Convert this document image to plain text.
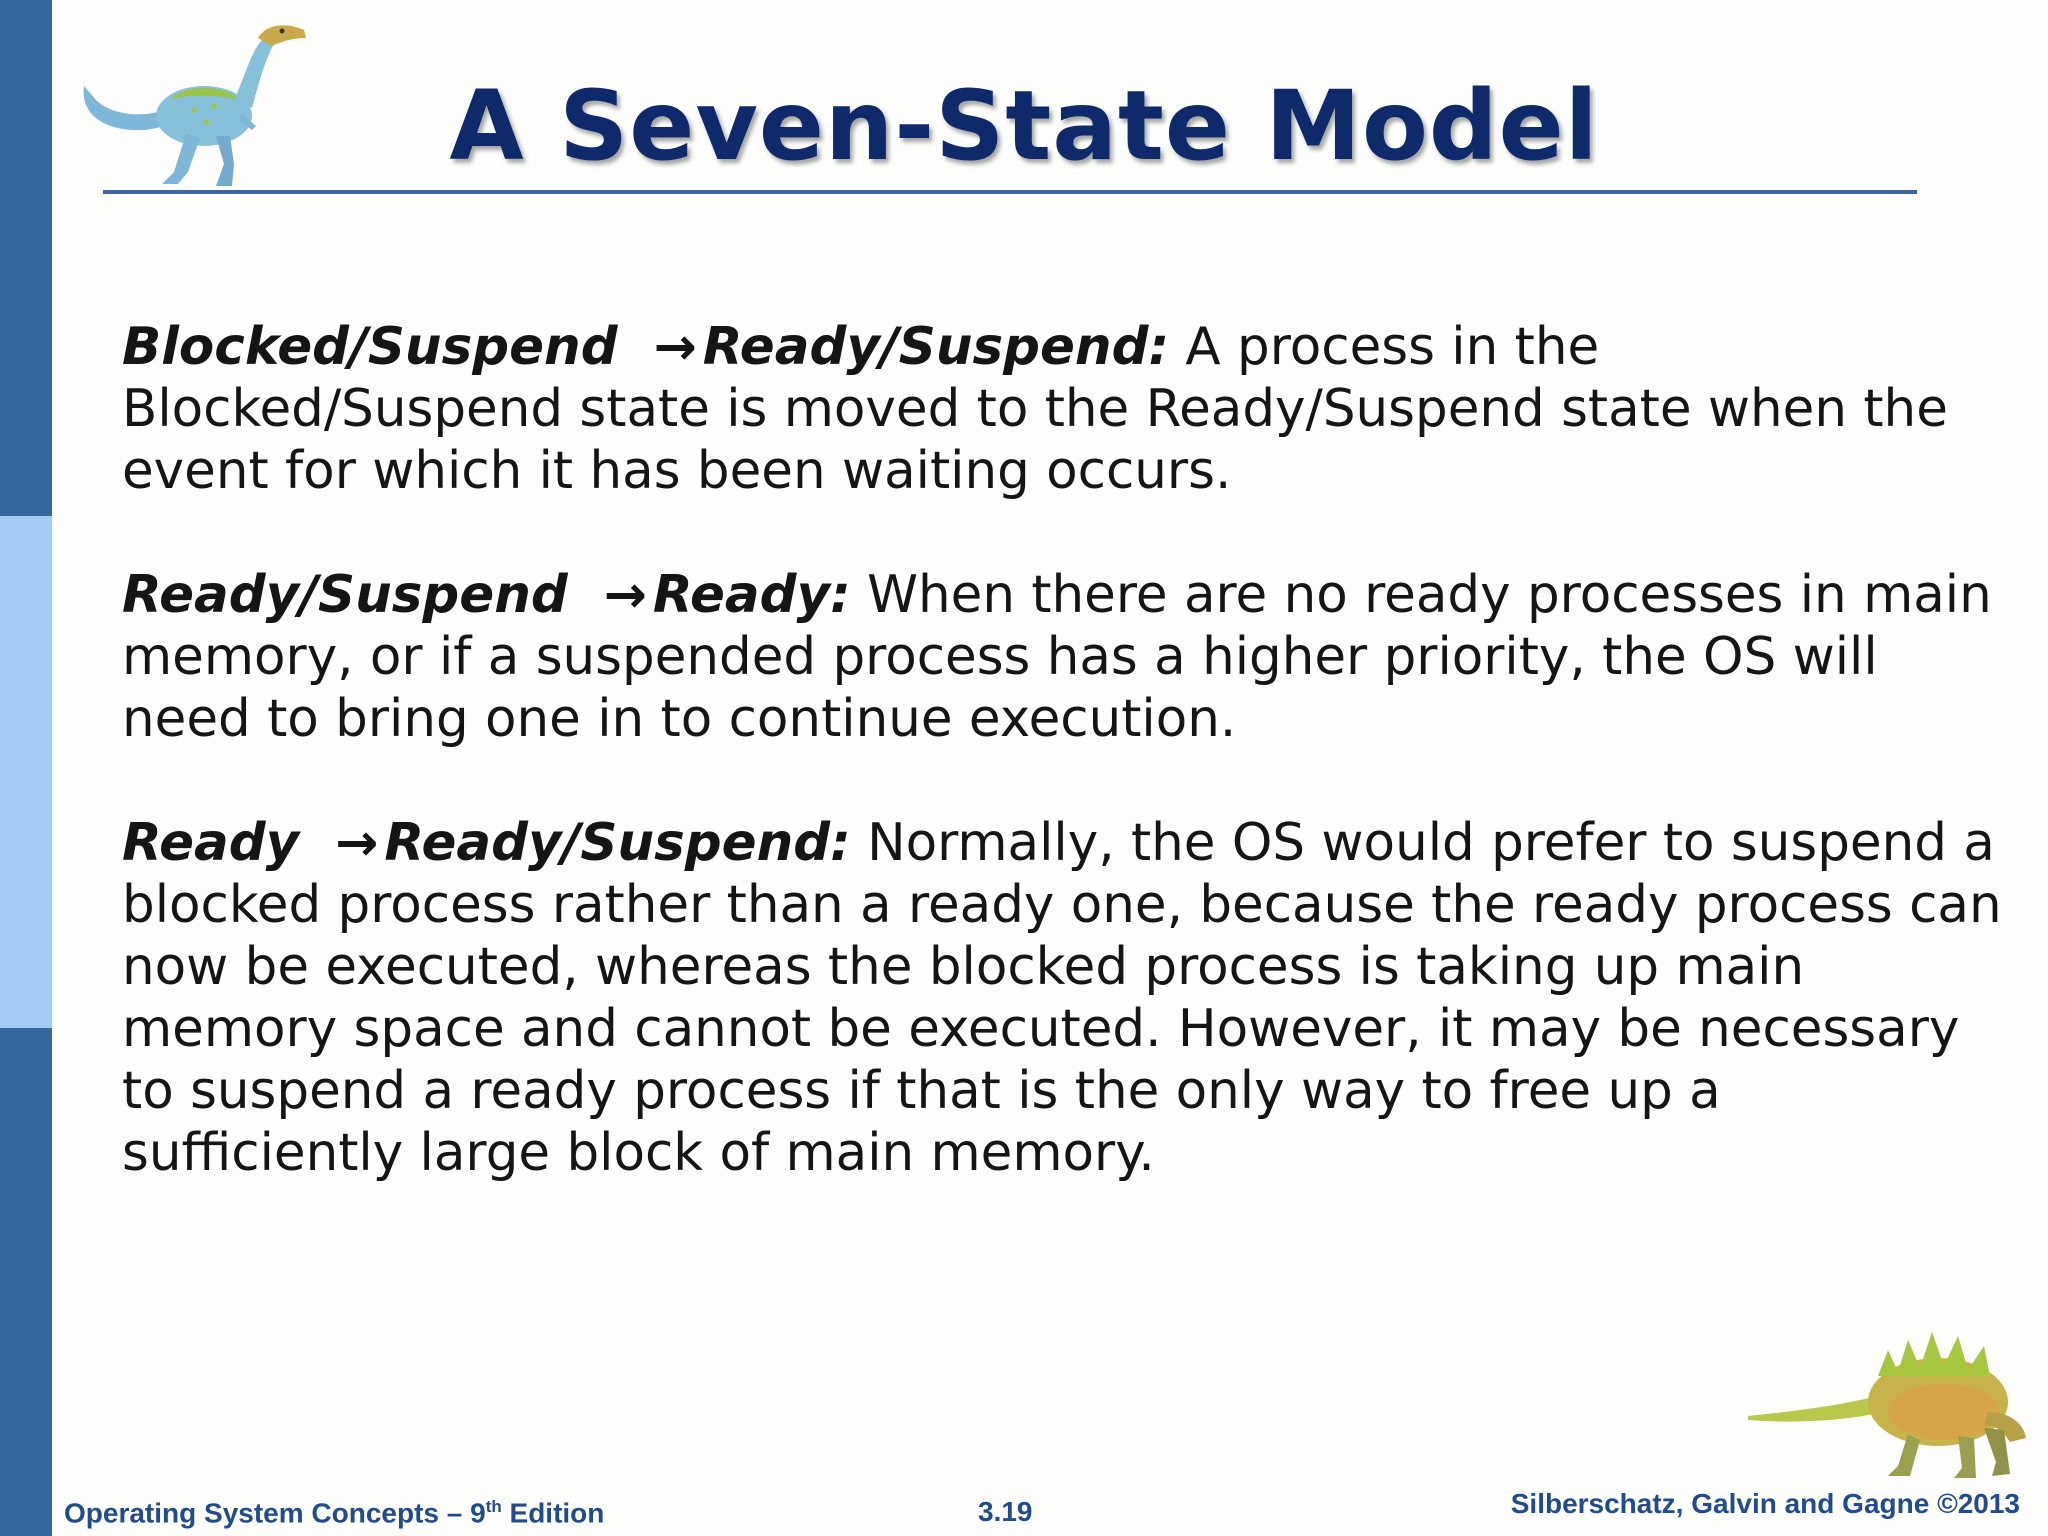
A Seven-State Model

Blocked/Suspend → Ready/Suspend: A process in the Blocked/Suspend state is moved to the Ready/Suspend state when the event for which it has been waiting occurs.

Ready/Suspend → Ready: When there are no ready processes in main memory, or if a suspended process has a higher priority, the OS will need to bring one in to continue execution.

Ready → Ready/Suspend: Normally, the OS would prefer to suspend a blocked process rather than a ready one, because the ready process can now be executed, whereas the blocked process is taking up main memory space and cannot be executed. However, it may be necessary to suspend a ready process if that is the only way to free up a sufficiently large block of main memory.

Operating System Concepts – 9th Edition	3.19	Silberschatz, Galvin and Gagne ©2013
